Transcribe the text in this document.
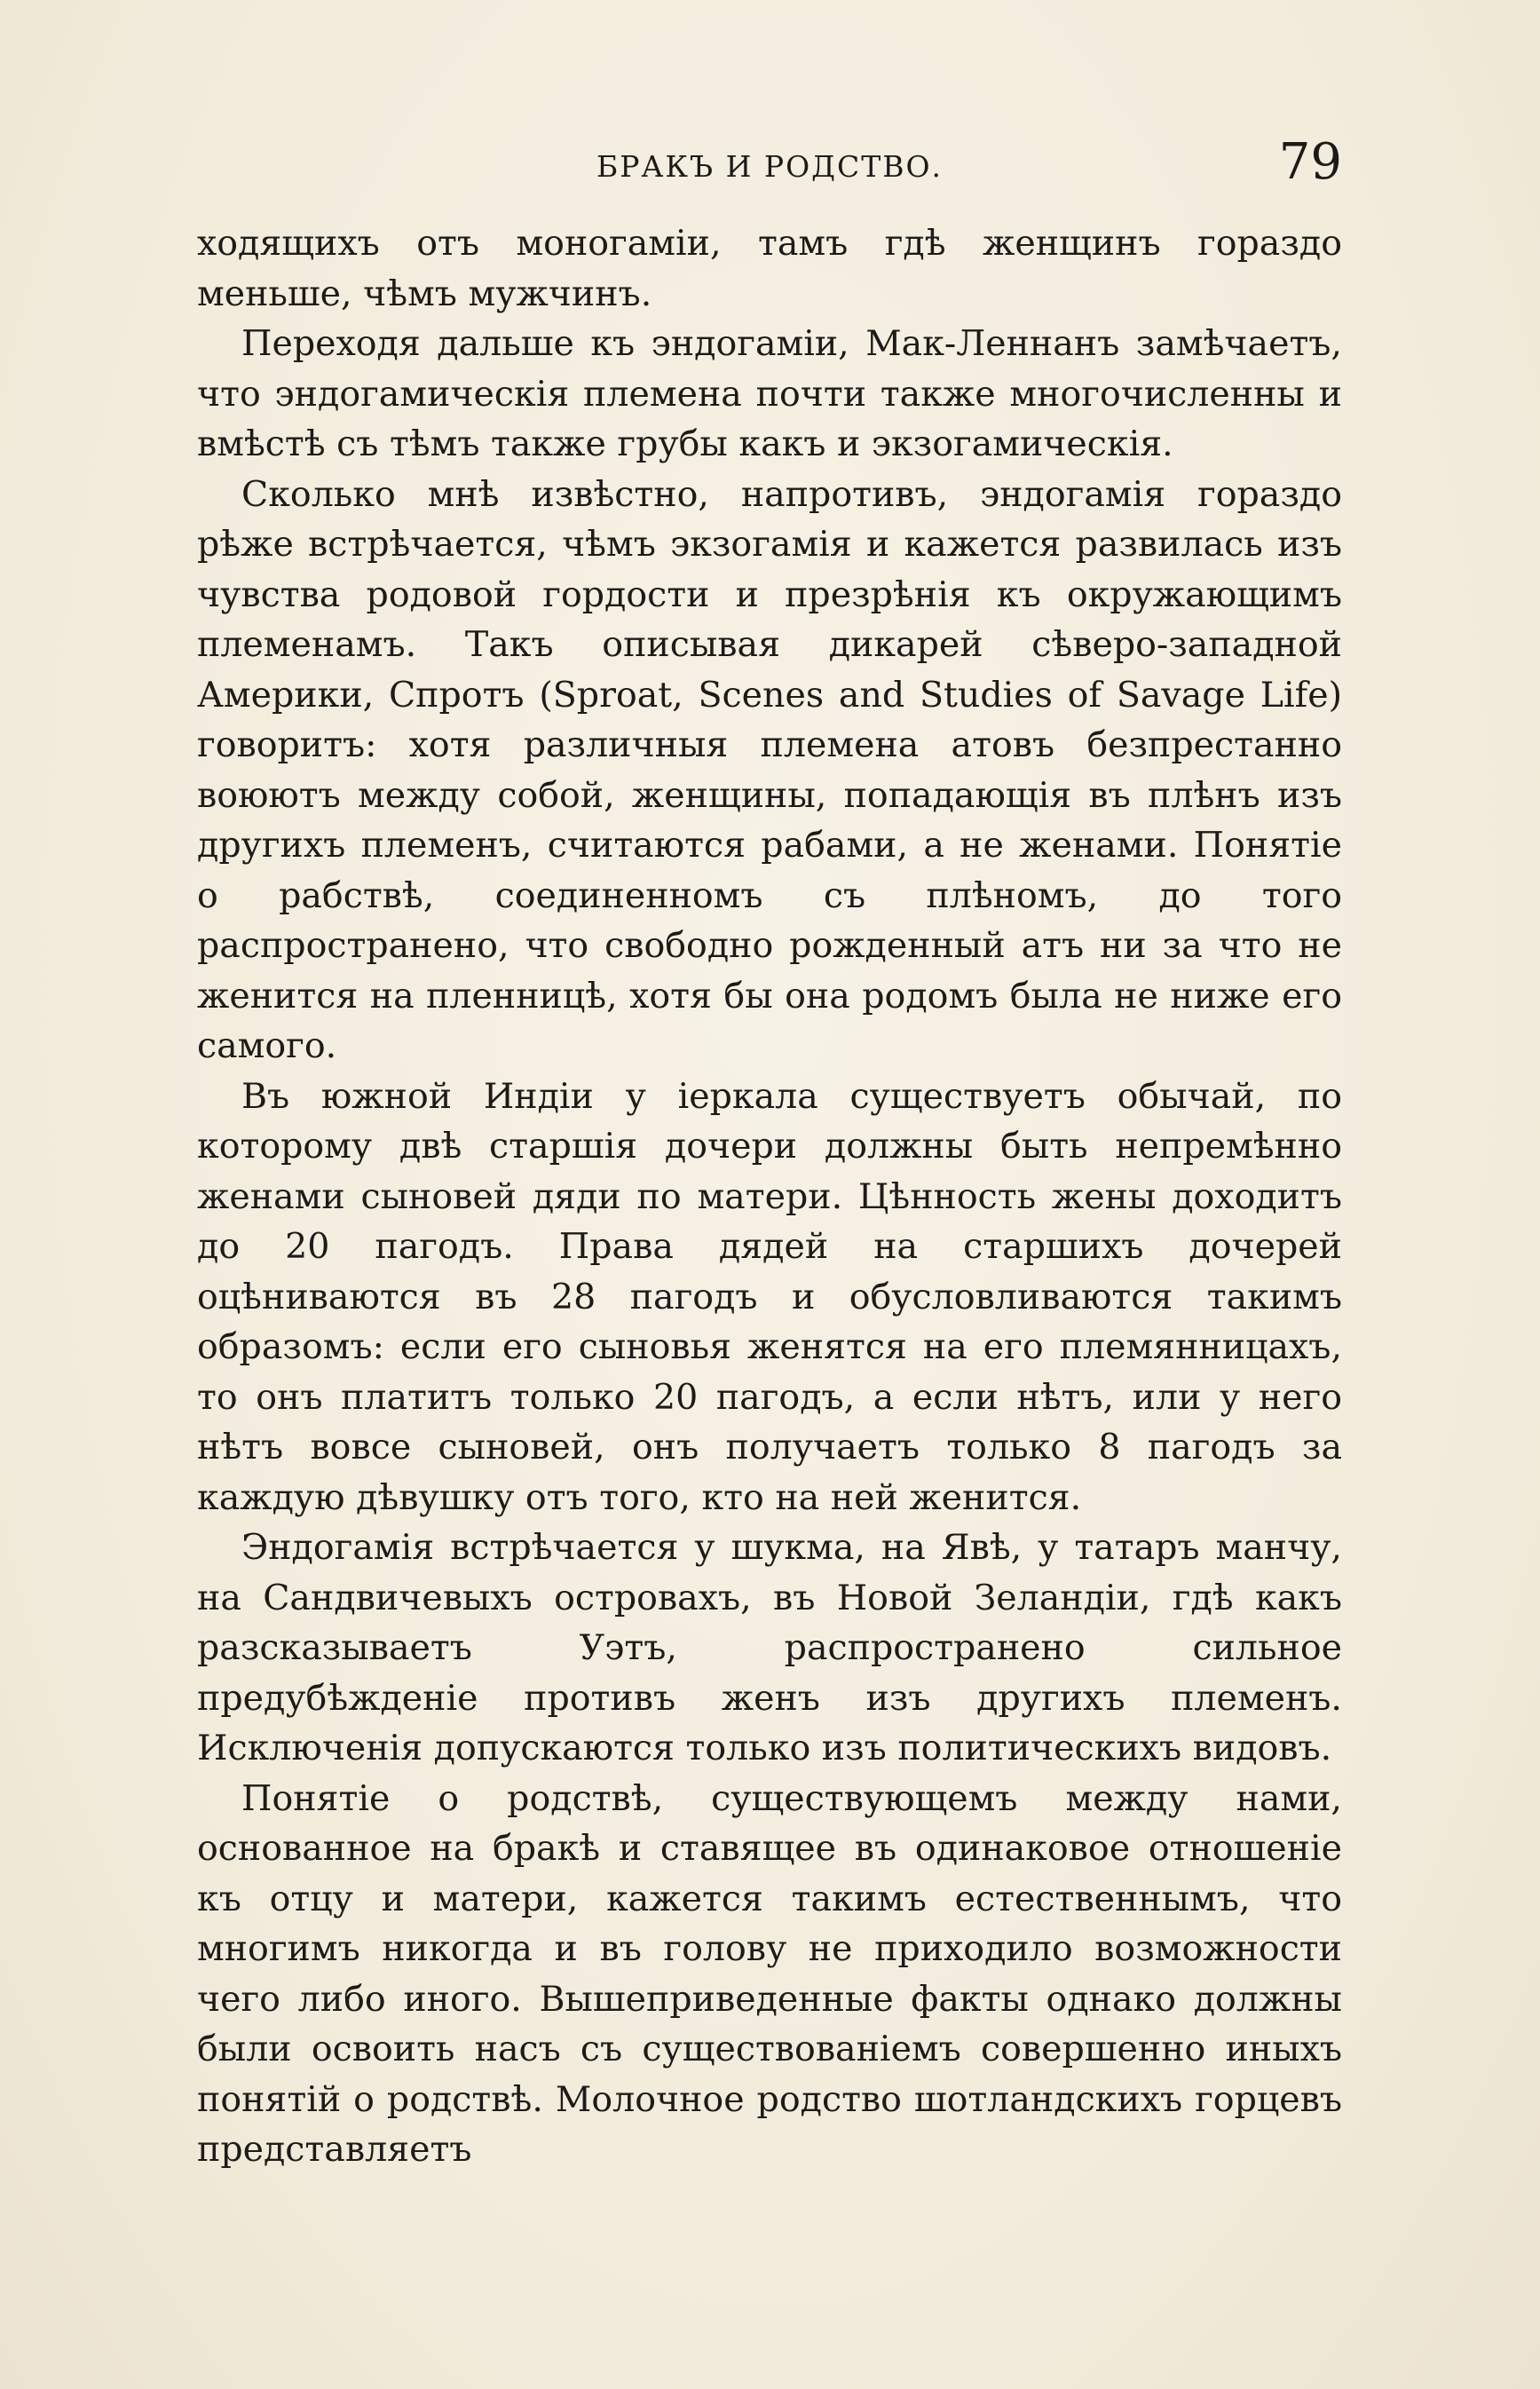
БРАКЪ И РОДСТВО.	79

ходящихъ отъ моногаміи, тамъ гдѣ женщинъ гораздо меньше, чѣмъ мужчинъ.

Переходя дальше къ эндогаміи, Мак-Леннанъ замѣчаетъ, что эндогамическія племена почти также многочисленны и вмѣстѣ съ тѣмъ также грубы какъ и экзогамическія.

Сколько мнѣ извѣстно, напротивъ, эндогамія гораздо рѣже встрѣчается, чѣмъ экзогамія и кажется развилась изъ чувства родовой гордости и презрѣнія къ окружающимъ племенамъ. Такъ описывая дикарей сѣверо-западной Америки, Спротъ (Sproat, Scenes and Studies of Savage Life) говоритъ: хотя различныя племена атовъ безпрестанно воюютъ между собой, женщины, попадающія въ плѣнъ изъ другихъ племенъ, считаются рабами, а не женами. Понятіе о рабствѣ, соединенномъ съ плѣномъ, до того распространено, что свободно рожденный атъ ни за что не женится на пленницѣ, хотя бы она родомъ была не ниже его самого.

Въ южной Индіи у іеркала существуетъ обычай, по которому двѣ старшія дочери должны быть непремѣнно женами сыновей дяди по матери. Цѣнность жены доходитъ до 20 пагодъ. Права дядей на старшихъ дочерей оцѣниваются въ 28 пагодъ и обусловливаются такимъ образомъ: если его сыновья женятся на его племянницахъ, то онъ платитъ только 20 пагодъ, а если нѣтъ, или у него нѣтъ вовсе сыновей, онъ получаетъ только 8 пагодъ за каждую дѣвушку отъ того, кто на ней женится.

Эндогамія встрѣчается у шукма, на Явѣ, у татаръ манчу, на Сандвичевыхъ островахъ, въ Новой Зеландіи, гдѣ какъ разсказываетъ Уэтъ, распространено сильное предубѣжденіе противъ женъ изъ другихъ племенъ. Исключенія допускаются только изъ политическихъ видовъ.

Понятіе о родствѣ, существующемъ между нами, основанное на бракѣ и ставящее въ одинаковое отношеніе къ отцу и матери, кажется такимъ естественнымъ, что многимъ никогда и въ голову не приходило возможности чего либо иного. Вышеприведенные факты однако должны были освоить насъ съ существованіемъ совершенно иныхъ понятій о родствѣ. Молочное родство шотландскихъ горцевъ представляетъ
